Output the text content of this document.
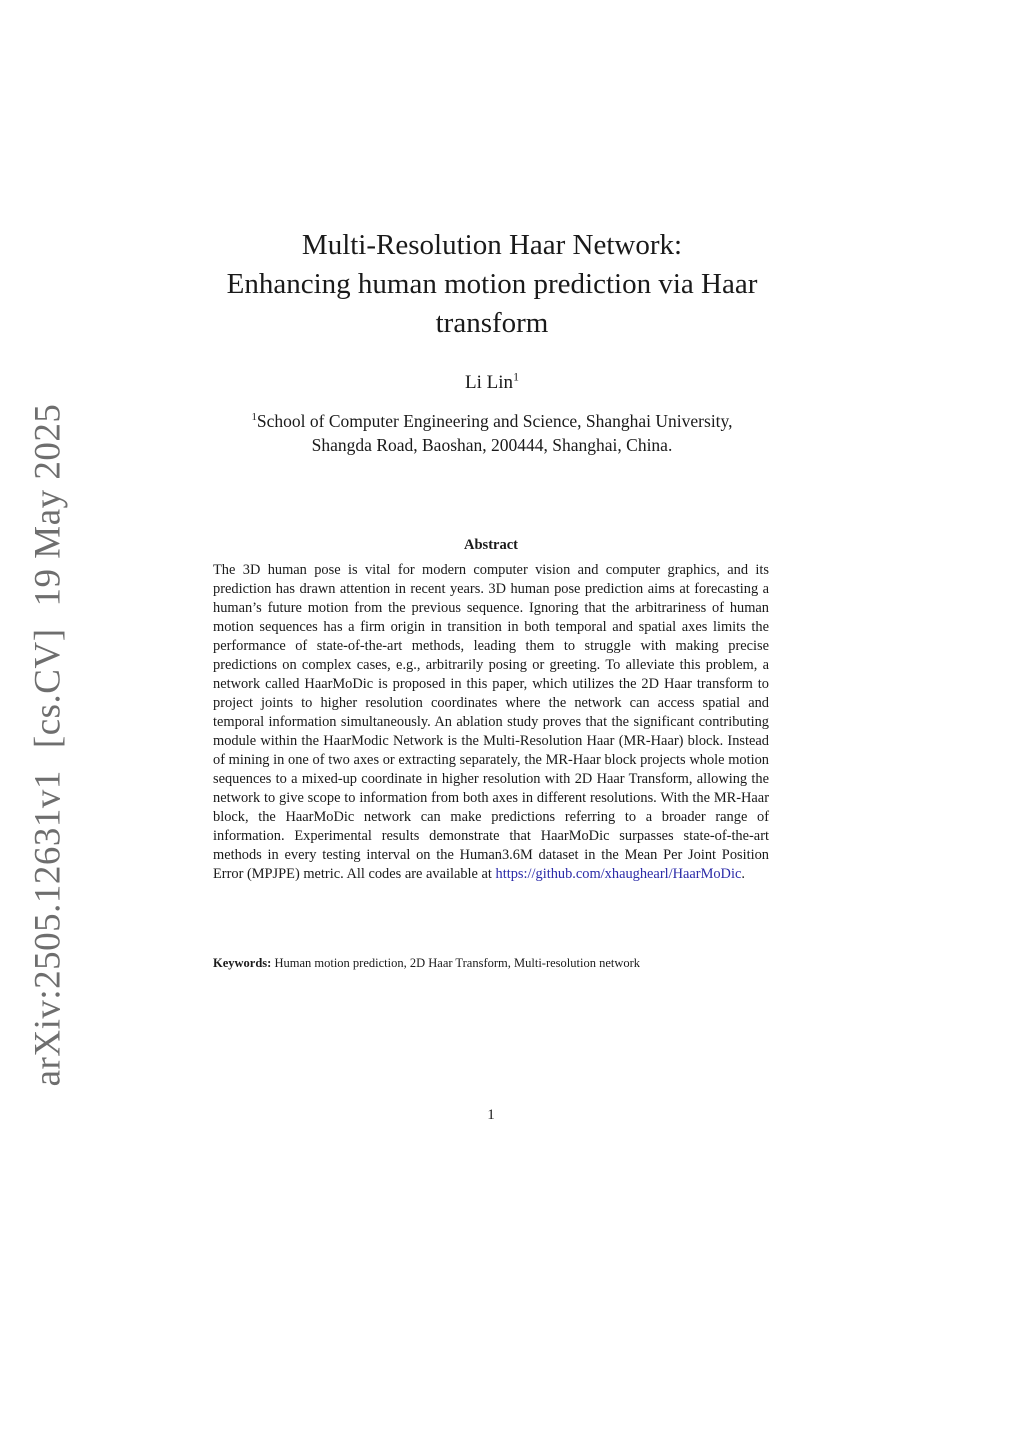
arXiv:2505.12631v1[cs.CV]19 May 2025
Multi-Resolution Haar Network:
Enhancing human motion prediction via Haar
transform
Li Lin$^1$
$^1$School of Computer Engineering and Science, Shanghai University,
Shangda Road, Baoshan, 200444, Shanghai, China.
Abstract
The 3D human pose is vital for modern computer vision and computer graphics, and its prediction has drawn attention in recent years. 3D human pose prediction aims at forecasting a human’s future motion from the previous sequence. Ignoring that the arbitrariness of human motion sequences has a firm origin in transition in both temporal and spatial axes limits the performance of state-of-the-art methods, leading them to struggle with making precise predictions on complex cases, e.g., arbitrarily posing or greeting. To alleviate this problem, a network called HaarMoDic is proposed in this paper, which utilizes the 2D Haar transform to project joints to higher resolution coordinates where the network can access spatial and temporal information simultaneously. An ablation study proves that the significant contributing module within the HaarModic Network is the Multi-Resolution Haar (MR-Haar) block. Instead of mining in one of two axes or extracting separately, the MR-Haar block projects whole motion sequences to a mixed-up coordinate in higher resolution with 2D Haar Transform, allowing the network to give scope to information from both axes in different resolutions. With the MR-Haar block, the HaarMoDic network can make predictions referring to a broader range of information. Experimental results demonstrate that HaarMoDic surpasses state-of-the-art methods in every testing interval on the Human3.6M dataset in the Mean Per Joint Position Error (MPJPE) metric. All codes are available at https://github.com/xhaughearl/HaarMoDic.
Keywords: Human motion prediction, 2D Haar Transform, Multi-resolution network
1
